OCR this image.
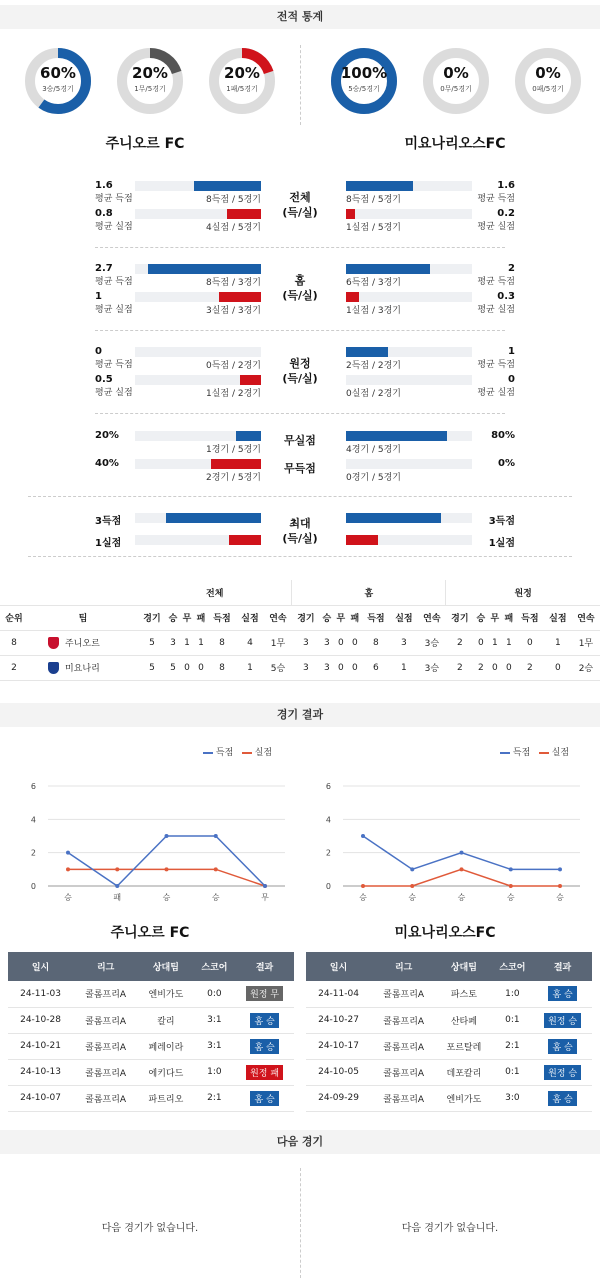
전적 통계
60%
3승/5경기
20%
1무/5경기
20%
1패/5경기
100%
5승/5경기
0%
0무/5경기
0%
0패/5경기
주니오르 FC	미요나리오스FC
1.6	1.6
평균 득점	평균 득점
8득점 / 5경기	8득점 / 5경기
0.8	0.2
평균 실점	평균 실점
4실점 / 5경기	1실점 / 5경기
전체
(득/실)
2.7	2
평균 득점	평균 득점
8득점 / 3경기	6득점 / 3경기
1	0.3
평균 실점	평균 실점
3실점 / 3경기	1실점 / 3경기
홈
(득/실)
0	1
평균 득점	평균 득점
0득점 / 2경기	2득점 / 2경기
0.5	0
평균 실점	평균 실점
1실점 / 2경기	0실점 / 2경기
원정
(득/실)
20%	80%
1경기 / 5경기	4경기 / 5경기
무실점
40%	0%
2경기 / 5경기	0경기 / 5경기
무득점
3득점	3득점
1실점	1실점
최대
(득/실)
		전체							홈							원정						
순위	팀	경기	승	무	패	득점	실점	연속	경기	승	무	패	득점	실점	연속	경기	승	무	패	득점	실점	연속
8	주니오르	5	3	1	1	8	4	1무	3	3	0	0	8	3	3승	2	0	1	1	0	1	1무
2	미요나리	5	5	0	0	8	1	5승	3	3	0	0	6	1	3승	2	2	0	0	2	0	2승
경기 결과
득점 실점	득점 실점
0
2
4
6
승	패	승	승	무
0
2
4
6
승	승	승	승	승
주니오르 FC	미요나리오스FC
일시	리그	상대팀	스코어	결과
24-11-03	콜롬프리A	엔비가도	0:0	원정 무
24-10-28	콜롬프리A	칼리	3:1	홈 승
24-10-21	콜롬프리A	페레이라	3:1	홈 승
24-10-13	콜롬프리A	에키다드	1:0	원정 패
24-10-07	콜롬프리A	파트리오	2:1	홈 승
일시	리그	상대팀	스코어	결과
24-11-04	콜롬프리A	파스토	1:0	홈 승
24-10-27	콜롬프리A	산타페	0:1	원정 승
24-10-17	콜롬프리A	포르탈레	2:1	홈 승
24-10-05	콜롬프리A	데포칼리	0:1	원정 승
24-09-29	콜롬프리A	엔비가도	3:0	홈 승
다음 경기
다음 경기가 없습니다.	다음 경기가 없습니다.
